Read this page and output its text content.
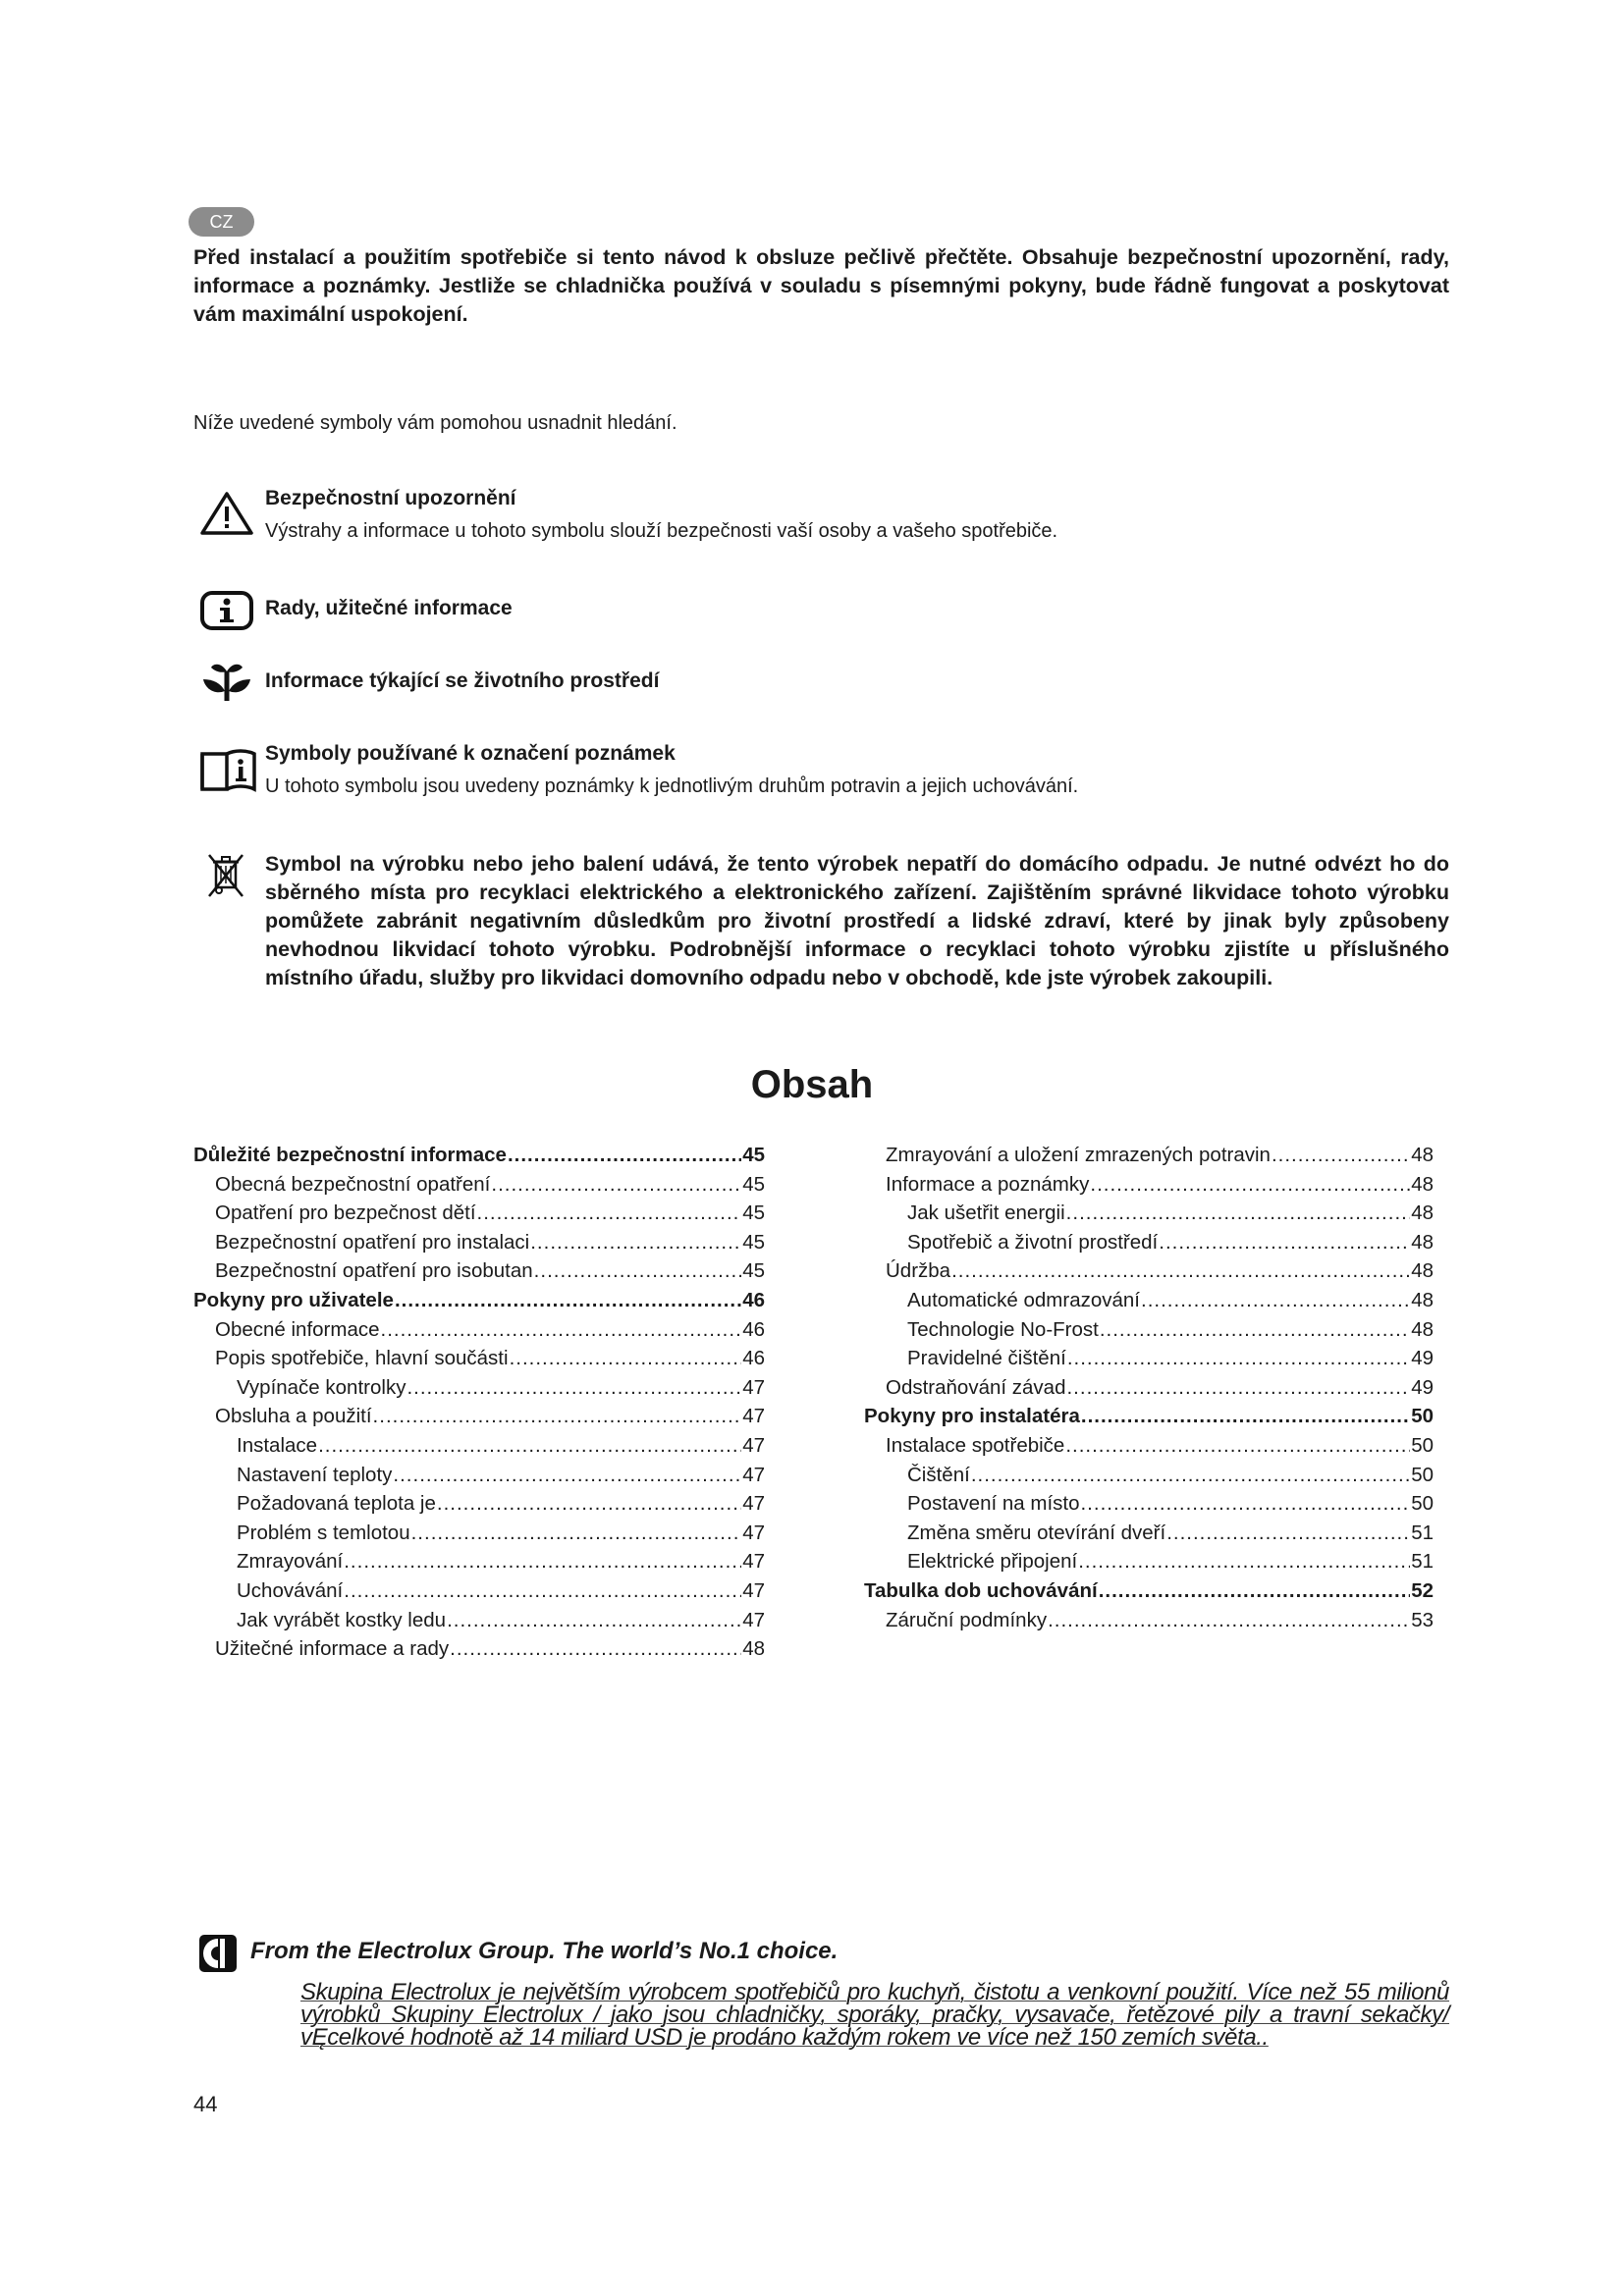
CZ

Před instalací a použitím spotřebiče si tento návod k obsluze pečlivě přečtěte. Obsahuje bezpečnostní upozornění, rady, informace a poznámky. Jestliže se chladnička používá v souladu s písemnými pokyny, bude řádně fungovat a poskytovat vám maximální uspokojení.

Níže uvedené symboly vám pomohou usnadnit hledání.
Bezpečnostní upozornění
Výstrahy a informace u tohoto symbolu slouží bezpečnosti vaší osoby a vašeho spotřebiče.
Rady, užitečné informace
Informace týkající se životního prostředí
Symboly používané k označení poznámek
U tohoto symbolu jsou uvedeny poznámky k jednotlivým druhům potravin a jejich uchovávání.

Symbol na výrobku nebo jeho balení udává, že tento výrobek nepatří do domácího odpadu. Je nutné odvézt ho do sběrného místa pro recyklaci elektrického a elektronického zařízení. Zajištěním správné likvidace tohoto výrobku pomůžete zabránit negativním důsledkům pro životní prostředí a lidské zdraví, které by jinak byly způsobeny nevhodnou likvidací tohoto výrobku. Podrobnější informace o recyklaci tohoto výrobku zjistíte u příslušného místního úřadu, služby pro likvidaci domovního odpadu nebo v obchodě, kde jste výrobek zakoupili.

Obsah
Důležité bezpečnostní informace .....	45
Obecná bezpečnostní opatření .....	45
Opatření pro bezpečnost dětí .....	45
Bezpečnostní opatření pro instalaci .....	45
Bezpečnostní opatření pro isobutan .....	45
Pokyny pro uživatele .....	46
Obecné informace .....	46
Popis spotřebiče, hlavní součásti .....	46
Vypínače kontrolky .....	47
Obsluha a použití .....	47
Instalace .....	47
Nastavení teploty .....	47
Požadovaná teplota je .....	47
Problém s temlotou .....	47
Zmrayování .....	47
Uchovávání .....	47
Jak vyrábět kostky ledu .....	47
Užitečné informace a rady .....	48
Zmrayování a uložení zmrazených potravin .....	48
Informace a poznámky .....	48
Jak ušetřit energii .....	48
Spotřebič a životní prostředí .....	48
Údržba .....	48
Automatické odmrazování .....	48
Technologie No-Frost .....	48
Pravidelné čištění .....	49
Odstraňování závad .....	49
Pokyny pro instalatéra .....	50
Instalace spotřebiče .....	50
Čištění .....	50
Postavení na místo .....	50
Změna směru otevírání dveří .....	51
Elektrické připojení .....	51
Tabulka dob uchovávání .....	52
Záruční podmínky .....	53
From the Electrolux Group. The world’s No.1 choice.

Skupina Electrolux je největším výrobcem spotřebičů pro kuchyň, čistotu a venkovní použití. Více než 55 milionů výrobků Skupiny Electrolux / jako jsou chladničky, sporáky, pračky, vysavače, řetězové pily a travní sekačky/ vĘcelkové hodnotě až 14 miliard USD je prodáno každým rokem ve více než 150 zemích světa..

44
